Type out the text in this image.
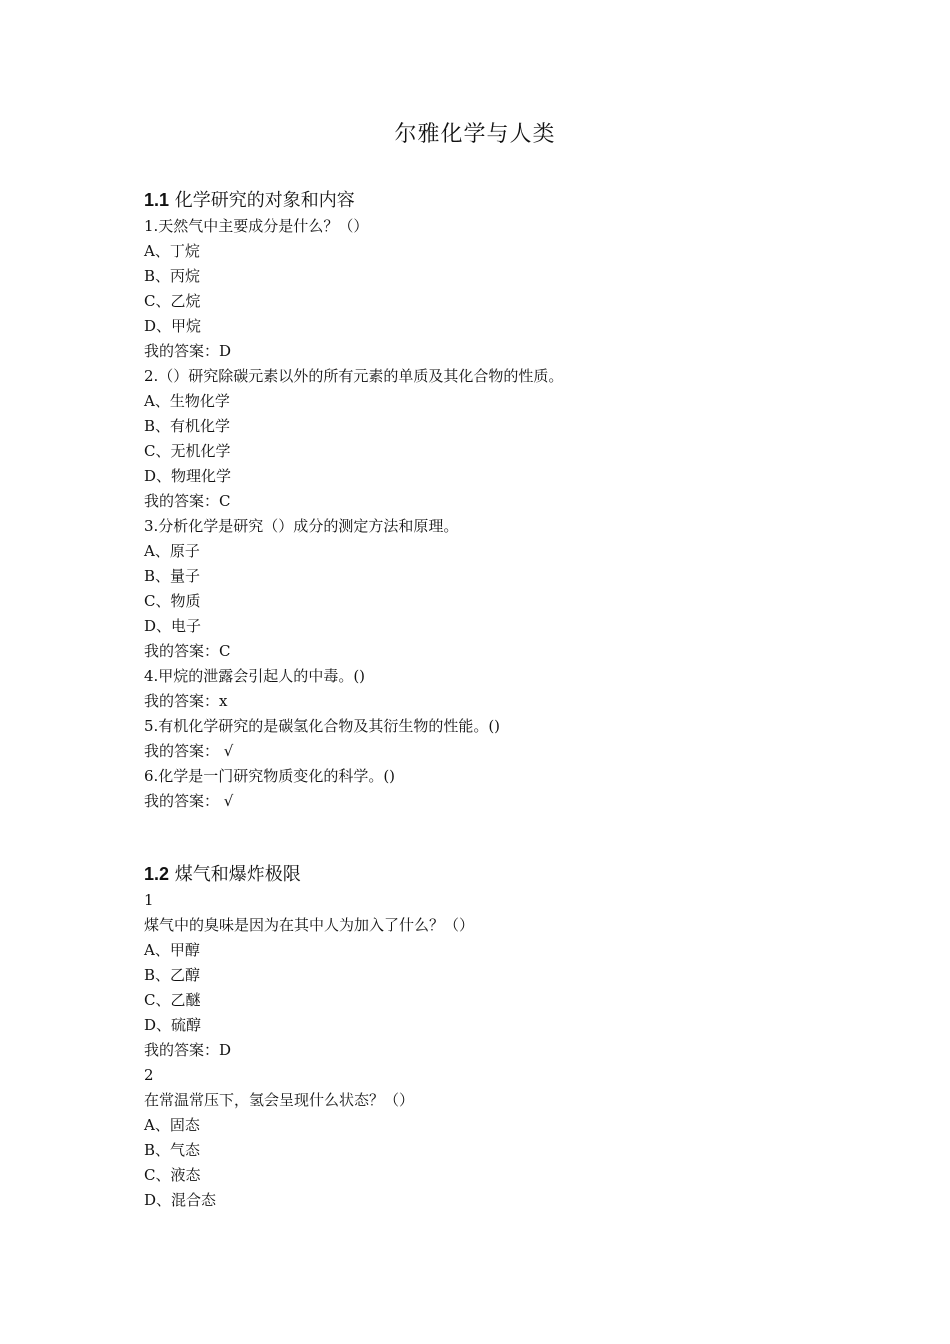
尔雅化学与人类
1.1 化学研究的对象和内容
1.天然气中主要成分是什么？（）
A、丁烷
B、丙烷
C、乙烷
D、甲烷
我的答案：D
2.（）研究除碳元素以外的所有元素的单质及其化合物的性质。
A、生物化学
B、有机化学
C、无机化学
D、物理化学
我的答案：C
3.分析化学是研究（）成分的测定方法和原理。
A、原子
B、量子
C、物质
D、电子
我的答案：C
4.甲烷的泄露会引起人的中毒。()
我的答案：x
5.有机化学研究的是碳氢化合物及其衍生物的性能。()
我的答案： √
6.化学是一门研究物质变化的科学。()
我的答案： √
1.2 煤气和爆炸极限
1
煤气中的臭味是因为在其中人为加入了什么？（）
A、甲醇
B、乙醇
C、乙醚
D、硫醇
我的答案：D
2
在常温常压下，氢会呈现什么状态？（）
A、固态
B、气态
C、液态
D、混合态
